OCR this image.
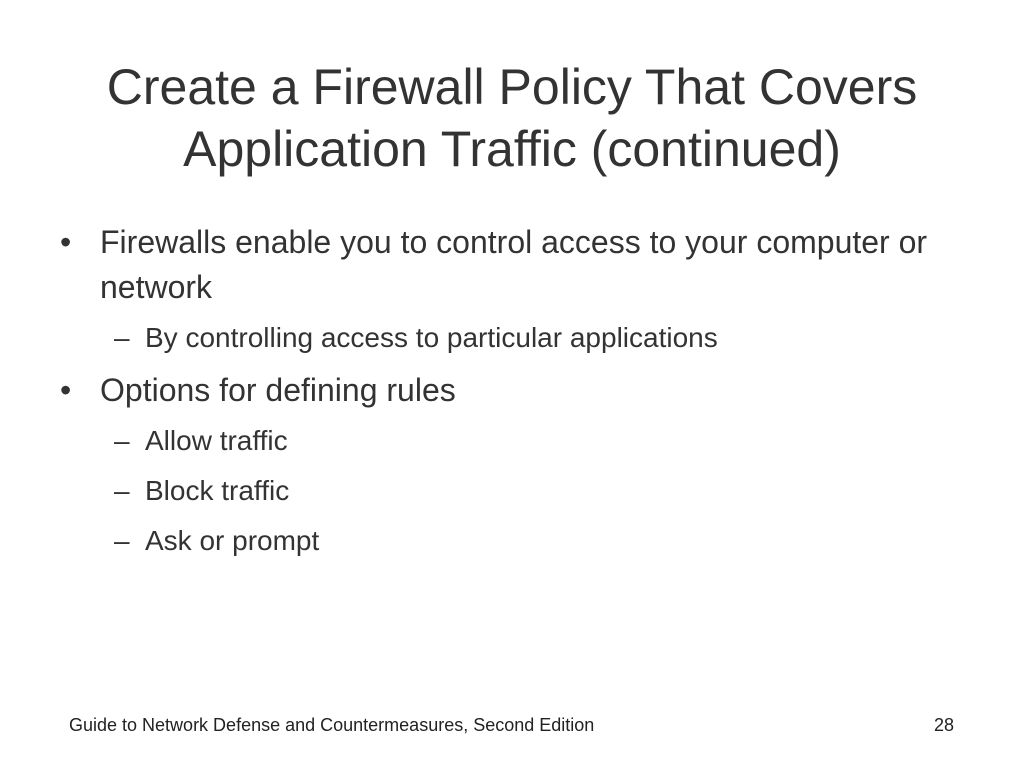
Create a Firewall Policy That Covers
Application Traffic (continued)
• Firewalls enable you to control access to your computer or network
– By controlling access to particular applications
• Options for defining rules
– Allow traffic
– Block traffic
– Ask or prompt
Guide to Network Defense and Countermeasures, Second Edition	28
